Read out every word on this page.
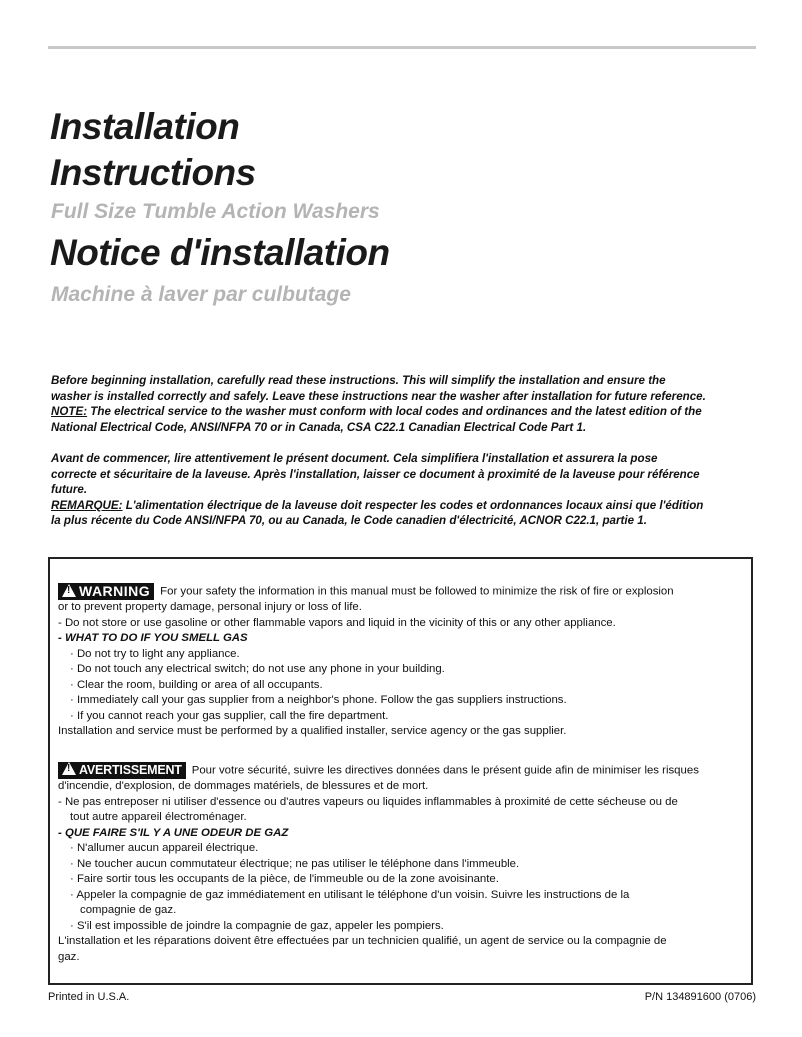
Installation
Instructions
Full Size Tumble Action Washers
Notice d'installation
Machine à laver par culbutage
Before beginning installation, carefully read these instructions. This will simplify the installation and ensure the
washer is installed correctly and safely. Leave these instructions near the washer after installation for future reference.
NOTE: The electrical service to the washer must conform with local codes and ordinances and the latest edition of the
National Electrical Code, ANSI/NFPA 70 or in Canada, CSA C22.1 Canadian Electrical Code Part 1.
Avant de commencer, lire attentivement le présent document. Cela simplifiera l'installation et assurera la pose
correcte et sécuritaire de la laveuse. Après l'installation, laisser ce document à proximité de la laveuse pour référence
future.
REMARQUE: L'alimentation électrique de la laveuse doit respecter les codes et ordonnances locaux ainsi que l'édition
la plus récente du Code ANSI/NFPA 70, ou au Canada, le Code canadien d'électricité, ACNOR C22.1, partie 1.
!WARNING For your safety the information in this manual must be followed to minimize the risk of fire or explosion
or to prevent property damage, personal injury or loss of life.
- Do not store or use gasoline or other flammable vapors and liquid in the vicinity of this or any other appliance.
- WHAT TO DO IF YOU SMELL GAS
· Do not try to light any appliance.
· Do not touch any electrical switch; do not use any phone in your building.
· Clear the room, building or area of all occupants.
· Immediately call your gas supplier from a neighbor's phone. Follow the gas suppliers instructions.
· If you cannot reach your gas supplier, call the fire department.
Installation and service must be performed by a qualified installer, service agency or the gas supplier.
!AVERTISSEMENT Pour votre sécurité, suivre les directives données dans le présent guide afin de minimiser les risques
d'incendie, d'explosion, de dommages matériels, de blessures et de mort.
- Ne pas entreposer ni utiliser d'essence ou d'autres vapeurs ou liquides inflammables à proximité de cette sécheuse ou de
tout autre appareil électroménager.
- QUE FAIRE S'IL Y A UNE ODEUR DE GAZ
· N'allumer aucun appareil électrique.
· Ne toucher aucun commutateur électrique; ne pas utiliser le téléphone dans l'immeuble.
· Faire sortir tous les occupants de la pièce, de l'immeuble ou de la zone avoisinante.
· Appeler la compagnie de gaz immédiatement en utilisant le téléphone d'un voisin. Suivre les instructions de la
compagnie de gaz.
· S'il est impossible de joindre la compagnie de gaz, appeler les pompiers.
L'installation et les réparations doivent être effectuées par un technicien qualifié, un agent de service ou la compagnie de
gaz.

Printed in U.S.A.	P/N 134891600 (0706)
